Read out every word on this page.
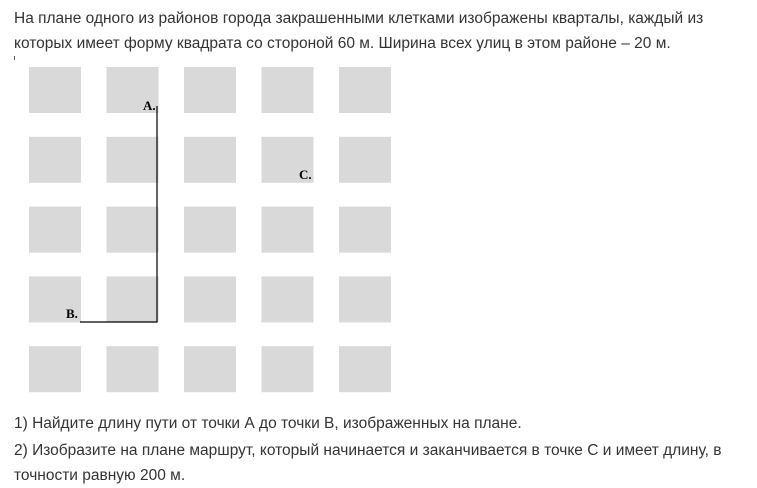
На плане одного из районов города закрашенными клетками изображены кварталы, каждый из которых имеет форму квадрата со стороной 60 м. Ширина всех улиц в этом районе – 20 м.

A.
B.
C.

1) Найдите длину пути от точки А до точки В, изображенных на плане.

2) Изобразите на плане маршрут, который начинается и заканчивается в точке С и имеет длину, в точности равную 200 м.
